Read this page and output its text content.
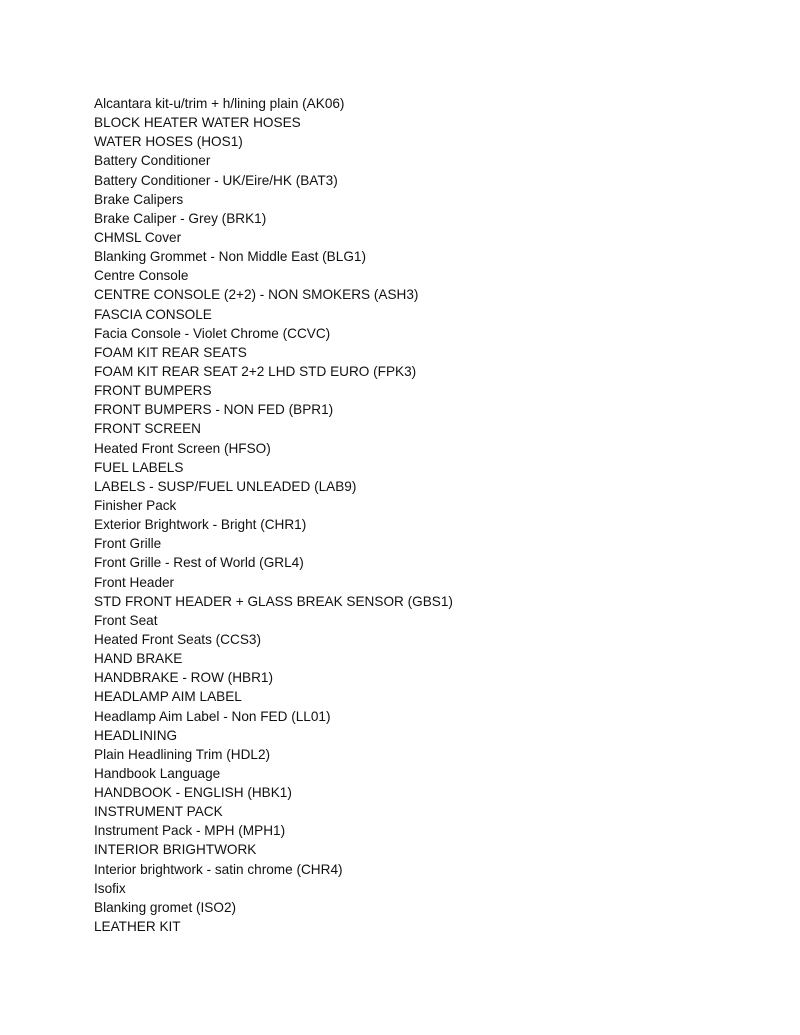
Alcantara kit-u/trim + h/lining plain (AK06)
BLOCK HEATER WATER HOSES
WATER HOSES (HOS1)
Battery Conditioner
Battery Conditioner - UK/Eire/HK (BAT3)
Brake Calipers
Brake Caliper - Grey (BRK1)
CHMSL Cover
Blanking Grommet - Non Middle East (BLG1)
Centre Console
CENTRE CONSOLE (2+2) - NON SMOKERS (ASH3)
FASCIA CONSOLE
Facia Console - Violet Chrome (CCVC)
FOAM KIT REAR SEATS
FOAM KIT REAR SEAT 2+2 LHD STD EURO (FPK3)
FRONT BUMPERS
FRONT BUMPERS - NON FED (BPR1)
FRONT SCREEN
Heated Front Screen (HFSO)
FUEL LABELS
LABELS - SUSP/FUEL UNLEADED (LAB9)
Finisher Pack
Exterior Brightwork - Bright (CHR1)
Front Grille
Front Grille - Rest of World (GRL4)
Front Header
STD FRONT HEADER + GLASS BREAK SENSOR (GBS1)
Front Seat
Heated Front Seats (CCS3)
HAND BRAKE
HANDBRAKE - ROW (HBR1)
HEADLAMP AIM LABEL
Headlamp Aim Label - Non FED (LL01)
HEADLINING
Plain Headlining Trim (HDL2)
Handbook Language
HANDBOOK - ENGLISH (HBK1)
INSTRUMENT PACK
Instrument Pack - MPH (MPH1)
INTERIOR BRIGHTWORK
Interior brightwork - satin chrome (CHR4)
Isofix
Blanking gromet (ISO2)
LEATHER KIT
